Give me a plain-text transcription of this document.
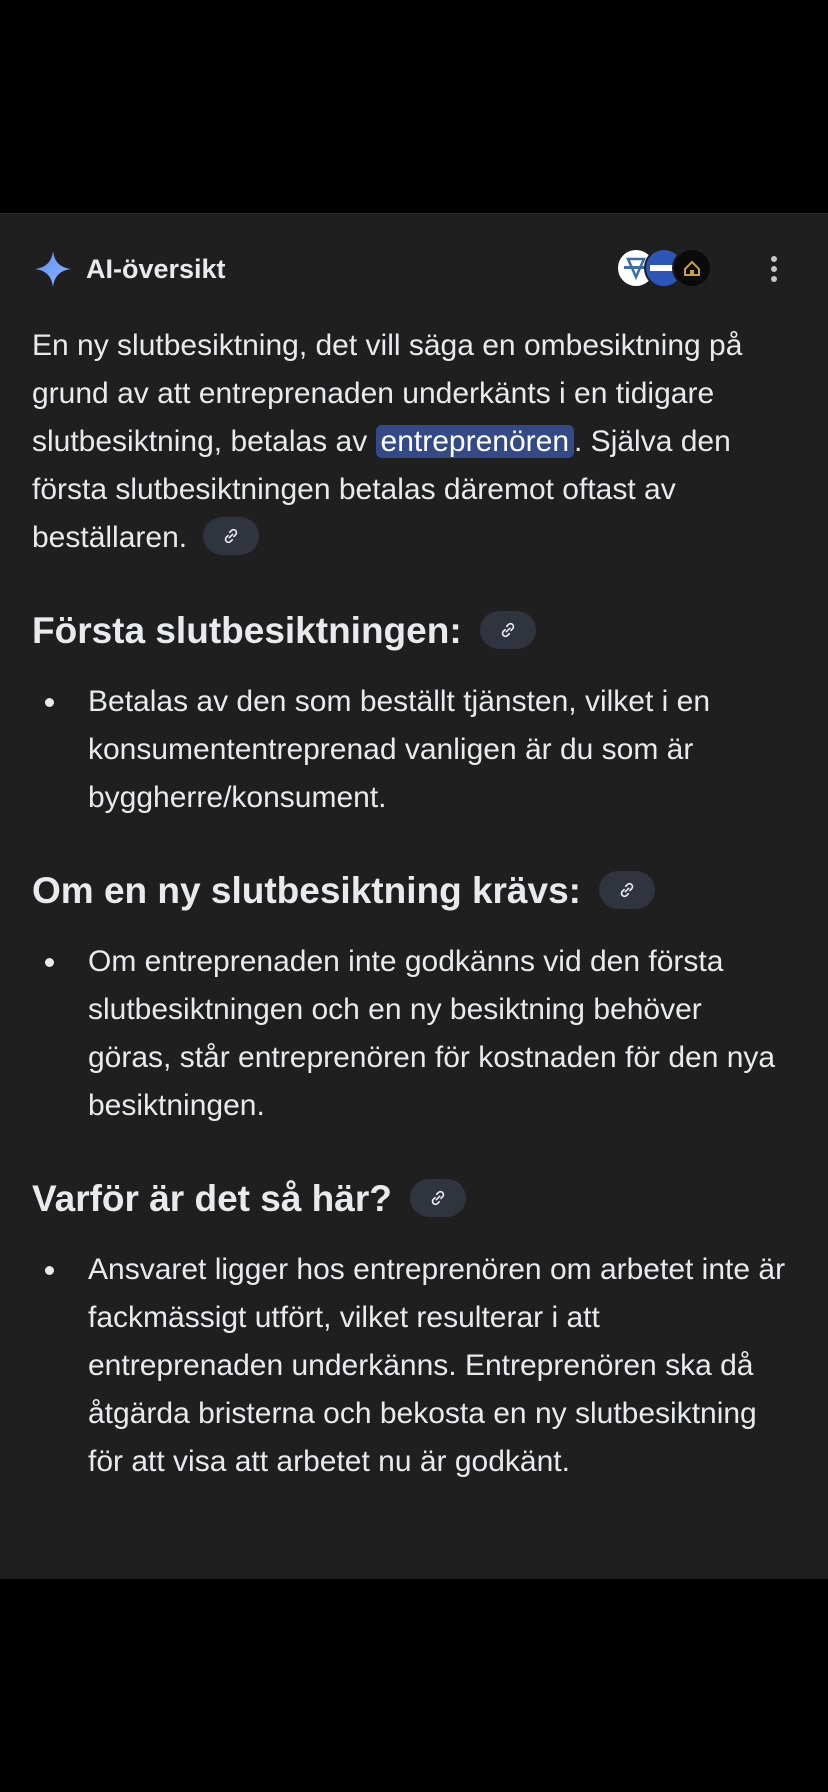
AI-översikt
En ny slutbesiktning, det vill säga en ombesiktning på grund av att entreprenaden underkänts i en tidigare slutbesiktning, betalas av entreprenören . Själva den första slutbesiktningen betalas däremot oftast av beställaren.
Första slutbesiktningen:
Betalas av den som beställt tjänsten, vilket i en konsumententreprenad vanligen är du som är byggherre/konsument.
Om en ny slutbesiktning krävs:
Om entreprenaden inte godkänns vid den första slutbesiktningen och en ny besiktning behöver göras, står entreprenören för kostnaden för den nya besiktningen.
Varför är det så här?
Ansvaret ligger hos entreprenören om arbetet inte är fackmässigt utfört, vilket resulterar i att entreprenaden underkänns. Entreprenören ska då åtgärda bristerna och bekosta en ny slutbesiktning för att visa att arbetet nu är godkänt.
